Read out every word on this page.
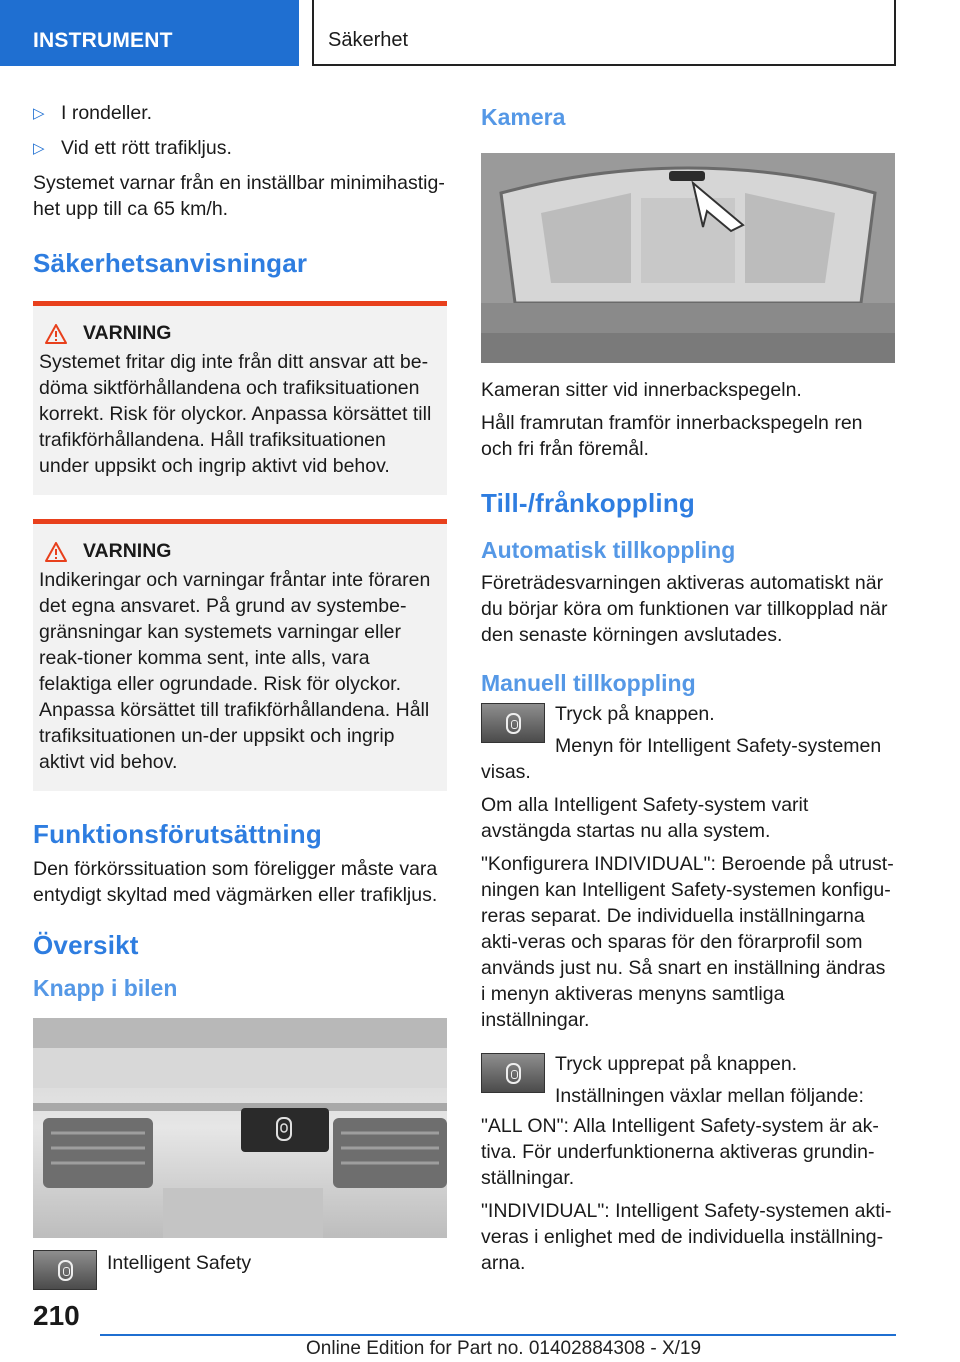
INSTRUMENT	Säkerhet
▷ I rondeller.
▷ Vid ett rött trafikljus.

Systemet varnar från en inställbar minimihastig-het upp till ca 65 km/h.

Säkerhetsanvisningar
VARNING

Systemet fritar dig inte från ditt ansvar att be-döma siktförhållandena och trafiksituationen korrekt. Risk för olyckor. Anpassa körsättet till trafikförhållandena. Håll trafiksituationen under uppsikt och ingrip aktivt vid behov.

VARNING

Indikeringar och varningar fråntar inte föraren det egna ansvaret. På grund av systembe-gränsningar kan systemets varningar eller reak-tioner komma sent, inte alls, vara felaktiga eller ogrundade. Risk för olyckor. Anpassa körsättet till trafikförhållandena. Håll trafiksituationen un-der uppsikt och ingrip aktivt vid behov.

Funktionsförutsättning

Den förkörssituation som föreligger måste vara entydigt skyltad med vägmärken eller trafikljus.

Översikt
Knapp i bilen

Intelligent Safety

Kamera

Kameran sitter vid innerbackspegeln.

Håll framrutan framför innerbackspegeln ren och fri från föremål.

Till-/frånkoppling
Automatisk tillkoppling

Företrädesvarningen aktiveras automatiskt när du börjar köra om funktionen var tillkopplad när den senaste körningen avslutades.

Manuell tillkoppling

Tryck på knappen.

Menyn för Intelligent Safety-systemen

visas.

Om alla Intelligent Safety-system varit avstängda startas nu alla system.

"Konfigurera INDIVIDUAL": Beroende på utrust-ningen kan Intelligent Safety-systemen konfigu-reras separat. De individuella inställningarna akti-veras och sparas för den förarprofil som används just nu. Så snart en inställning ändras i menyn aktiveras menyns samtliga inställningar.

Tryck upprepat på knappen.

Inställningen växlar mellan följande:

"ALL ON": Alla Intelligent Safety-system är ak-tiva. För underfunktionerna aktiveras grundin-ställningar.

"INDIVIDUAL": Intelligent Safety-systemen akti-veras i enlighet med de individuella inställning-arna.

210
Online Edition for Part no. 01402884308 - X/19
